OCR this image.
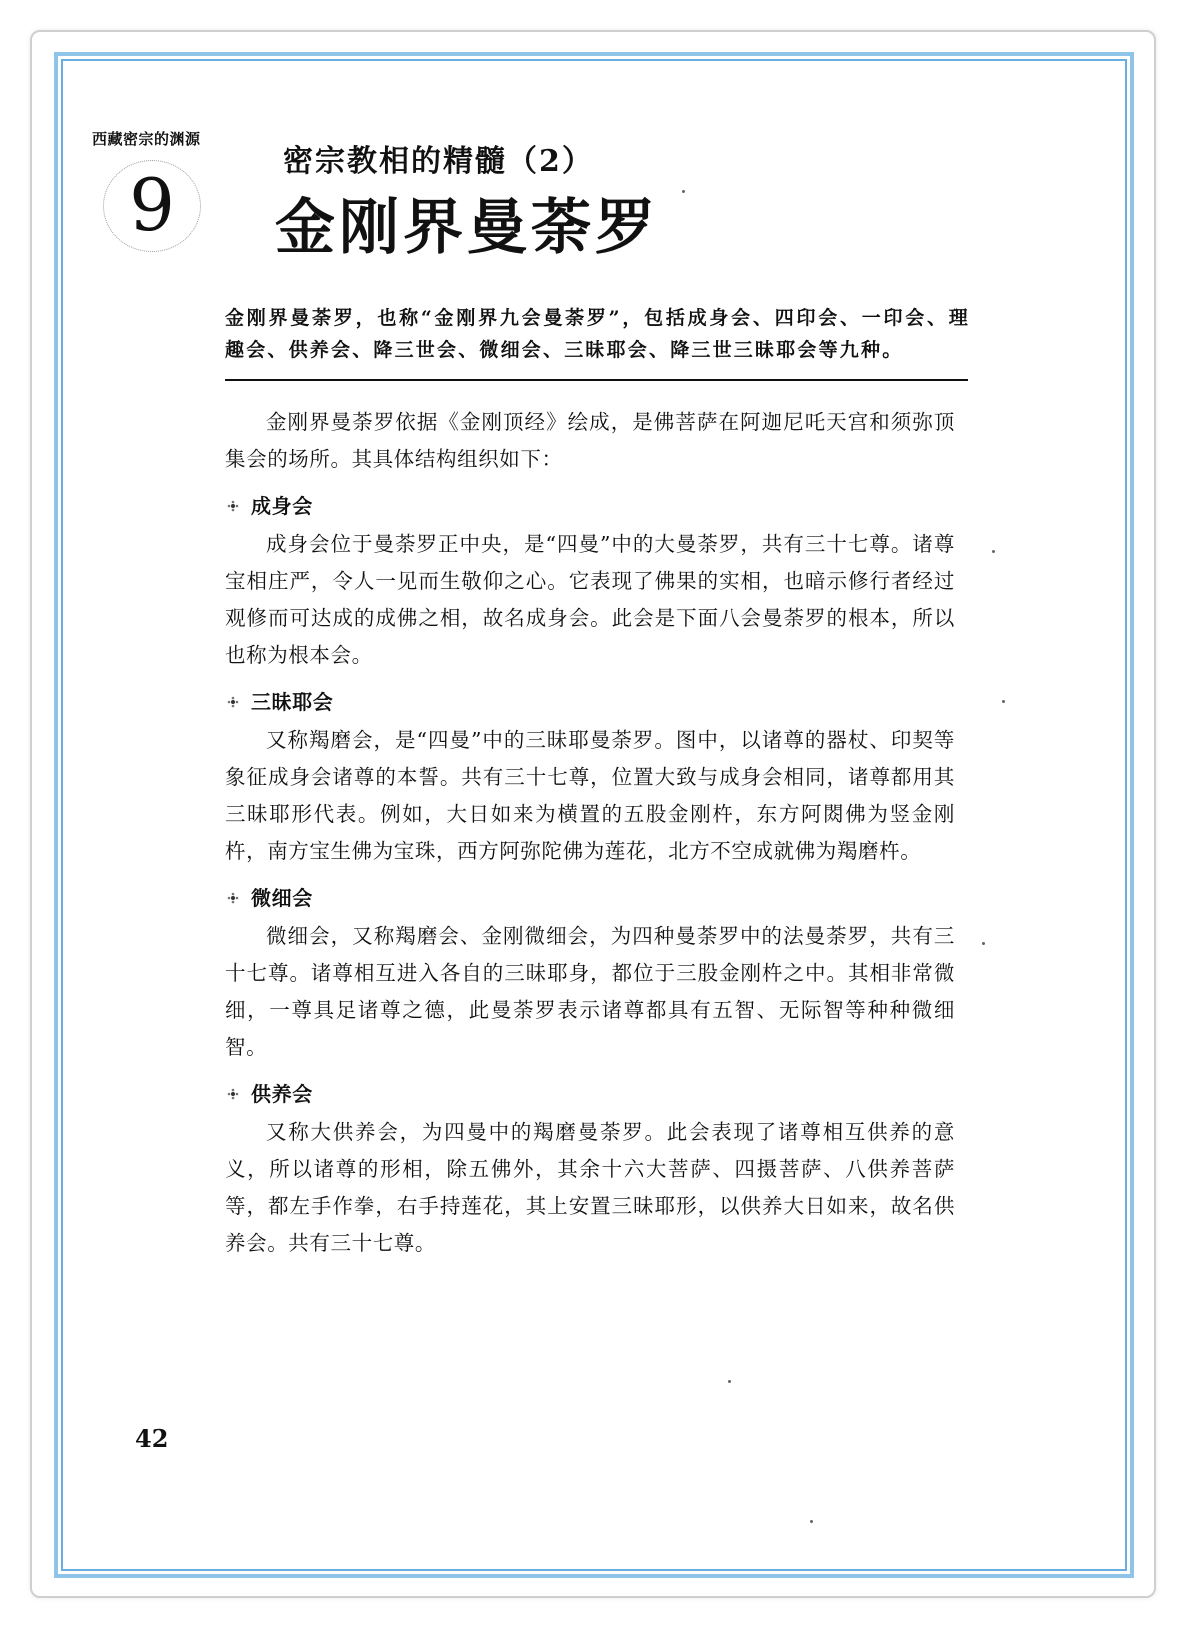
西藏密宗的渊源
9
密宗教相的精髓（2）
金刚界曼荼罗
金刚界曼荼罗，也称“金刚界九会曼荼罗”，包括成身会、四印会、一印会、理趣会、供养会、降三世会、微细会、三昧耶会、降三世三昧耶会等九种。

金刚界曼荼罗依据《金刚顶经》绘成，是佛菩萨在阿迦尼吒天宫和须弥顶集会的场所。其具体结构组织如下：

成身会

成身会位于曼荼罗正中央，是“四曼”中的大曼荼罗，共有三十七尊。诸尊宝相庄严，令人一见而生敬仰之心。它表现了佛果的实相，也暗示修行者经过观修而可达成的成佛之相，故名成身会。此会是下面八会曼荼罗的根本，所以也称为根本会。

三昧耶会

又称羯磨会，是“四曼”中的三昧耶曼荼罗。图中，以诸尊的器杖、印契等象征成身会诸尊的本誓。共有三十七尊，位置大致与成身会相同，诸尊都用其三昧耶形代表。例如，大日如来为横置的五股金刚杵，东方阿閦佛为竖金刚杵，南方宝生佛为宝珠，西方阿弥陀佛为莲花，北方不空成就佛为羯磨杵。

微细会

微细会，又称羯磨会、金刚微细会，为四种曼荼罗中的法曼荼罗，共有三十七尊。诸尊相互进入各自的三昧耶身，都位于三股金刚杵之中。其相非常微细，一尊具足诸尊之德，此曼荼罗表示诸尊都具有五智、无际智等种种微细智。

供养会

又称大供养会，为四曼中的羯磨曼荼罗。此会表现了诸尊相互供养的意义，所以诸尊的形相，除五佛外，其余十六大菩萨、四摄菩萨、八供养菩萨等，都左手作拳，右手持莲花，其上安置三昧耶形，以供养大日如来，故名供养会。共有三十七尊。

42
